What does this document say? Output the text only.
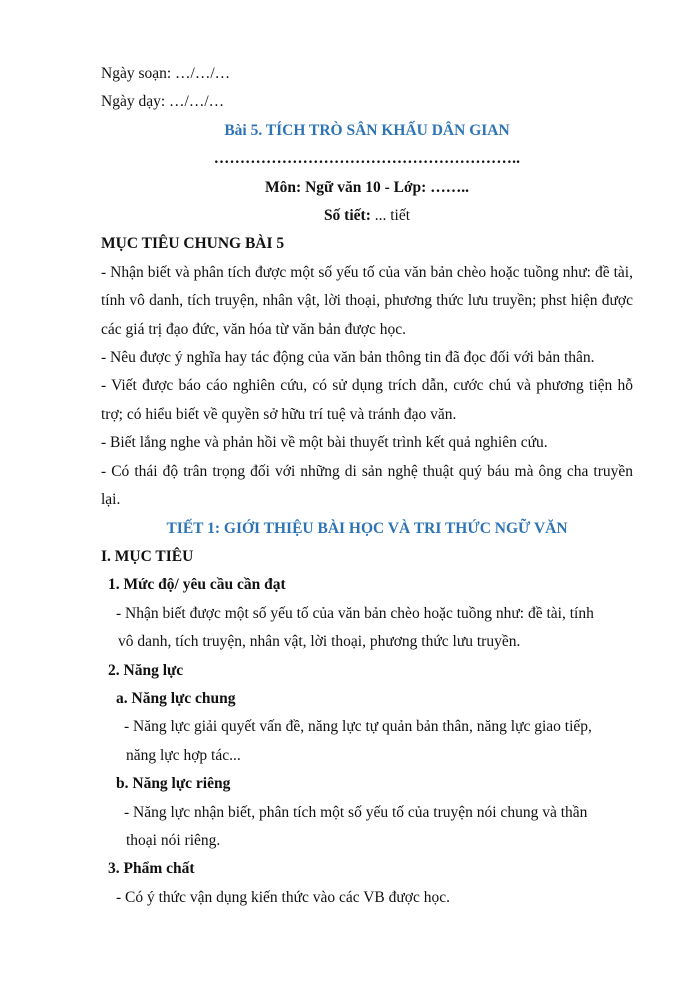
Ngày soạn: …/…/…

Ngày dạy: …/…/…

Bài 5. TÍCH TRÒ SÂN KHẤU DÂN GIAN

…………………………………………………..

Môn: Ngữ văn 10 - Lớp: ……..

Số tiết: ... tiết

MỤC TIÊU CHUNG BÀI 5

- Nhận biết và phân tích được một số yếu tố của văn bản chèo hoặc tuồng như: đề tài, tính vô danh, tích truyện, nhân vật, lời thoại, phương thức lưu truyền; phst hiện được các giá trị đạo đức, văn hóa từ văn bản được học.

- Nêu được ý nghĩa hay tác động của văn bản thông tin đã đọc đối với bản thân.

- Viết được báo cáo nghiên cứu, có sử dụng trích dẫn, cước chú và phương tiện hỗ trợ; có hiểu biết về quyền sở hữu trí tuệ và tránh đạo văn.

- Biết lắng nghe và phản hồi về một bài thuyết trình kết quả nghiên cứu.

- Có thái độ trân trọng đối với những di sản nghệ thuật quý báu mà ông cha truyền lại.

TIẾT 1: GIỚI THIỆU BÀI HỌC VÀ TRI THỨC NGỮ VĂN

I. MỤC TIÊU

1. Mức độ/ yêu cầu cần đạt

- Nhận biết được một số yếu tố của văn bản chèo hoặc tuồng như: đề tài, tính

vô danh, tích truyện, nhân vật, lời thoại, phương thức lưu truyền.

2. Năng lực

a. Năng lực chung

- Năng lực giải quyết vấn đề, năng lực tự quản bản thân, năng lực giao tiếp,

năng lực hợp tác...

b. Năng lực riêng

- Năng lực nhận biết, phân tích một số yếu tố của truyện nói chung và thần

thoại nói riêng.

3. Phẩm chất

- Có ý thức vận dụng kiến thức vào các VB được học.
